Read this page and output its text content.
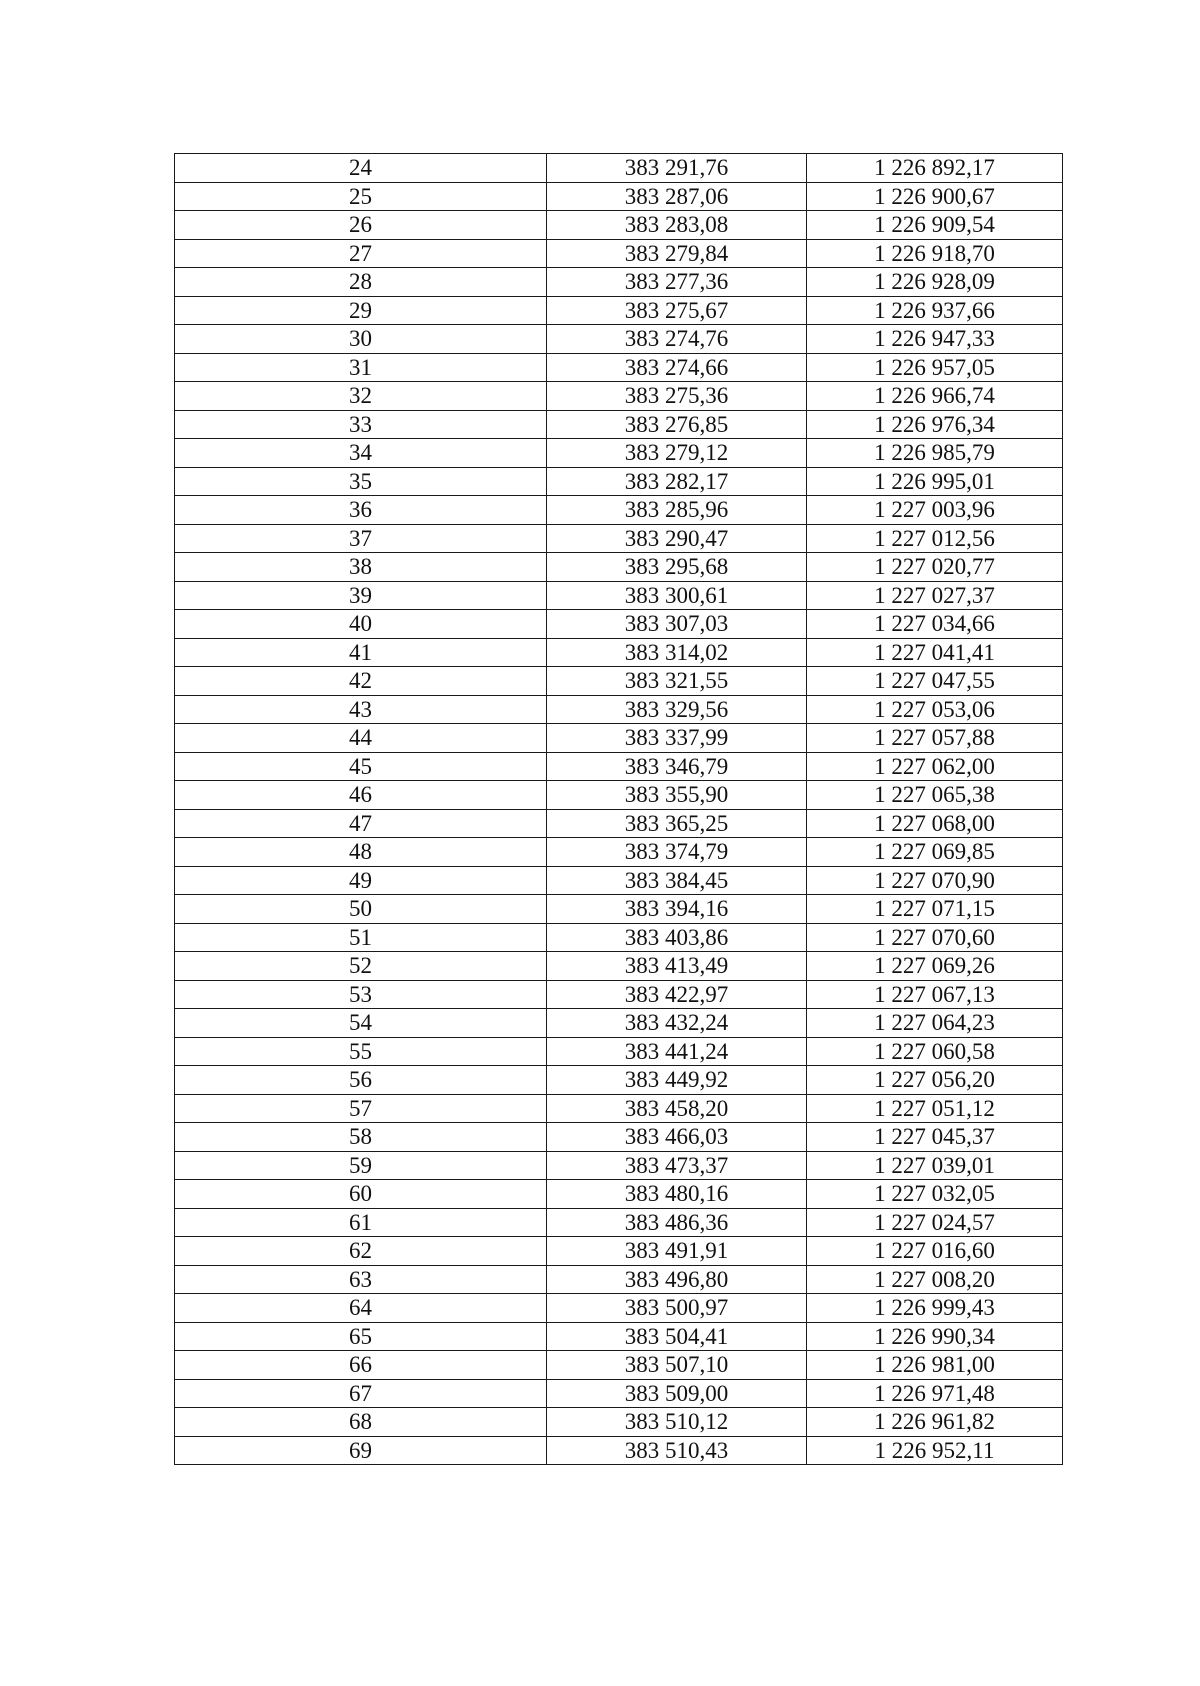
24	383 291,76	1 226 892,17
25	383 287,06	1 226 900,67
26	383 283,08	1 226 909,54
27	383 279,84	1 226 918,70
28	383 277,36	1 226 928,09
29	383 275,67	1 226 937,66
30	383 274,76	1 226 947,33
31	383 274,66	1 226 957,05
32	383 275,36	1 226 966,74
33	383 276,85	1 226 976,34
34	383 279,12	1 226 985,79
35	383 282,17	1 226 995,01
36	383 285,96	1 227 003,96
37	383 290,47	1 227 012,56
38	383 295,68	1 227 020,77
39	383 300,61	1 227 027,37
40	383 307,03	1 227 034,66
41	383 314,02	1 227 041,41
42	383 321,55	1 227 047,55
43	383 329,56	1 227 053,06
44	383 337,99	1 227 057,88
45	383 346,79	1 227 062,00
46	383 355,90	1 227 065,38
47	383 365,25	1 227 068,00
48	383 374,79	1 227 069,85
49	383 384,45	1 227 070,90
50	383 394,16	1 227 071,15
51	383 403,86	1 227 070,60
52	383 413,49	1 227 069,26
53	383 422,97	1 227 067,13
54	383 432,24	1 227 064,23
55	383 441,24	1 227 060,58
56	383 449,92	1 227 056,20
57	383 458,20	1 227 051,12
58	383 466,03	1 227 045,37
59	383 473,37	1 227 039,01
60	383 480,16	1 227 032,05
61	383 486,36	1 227 024,57
62	383 491,91	1 227 016,60
63	383 496,80	1 227 008,20
64	383 500,97	1 226 999,43
65	383 504,41	1 226 990,34
66	383 507,10	1 226 981,00
67	383 509,00	1 226 971,48
68	383 510,12	1 226 961,82
69	383 510,43	1 226 952,11
